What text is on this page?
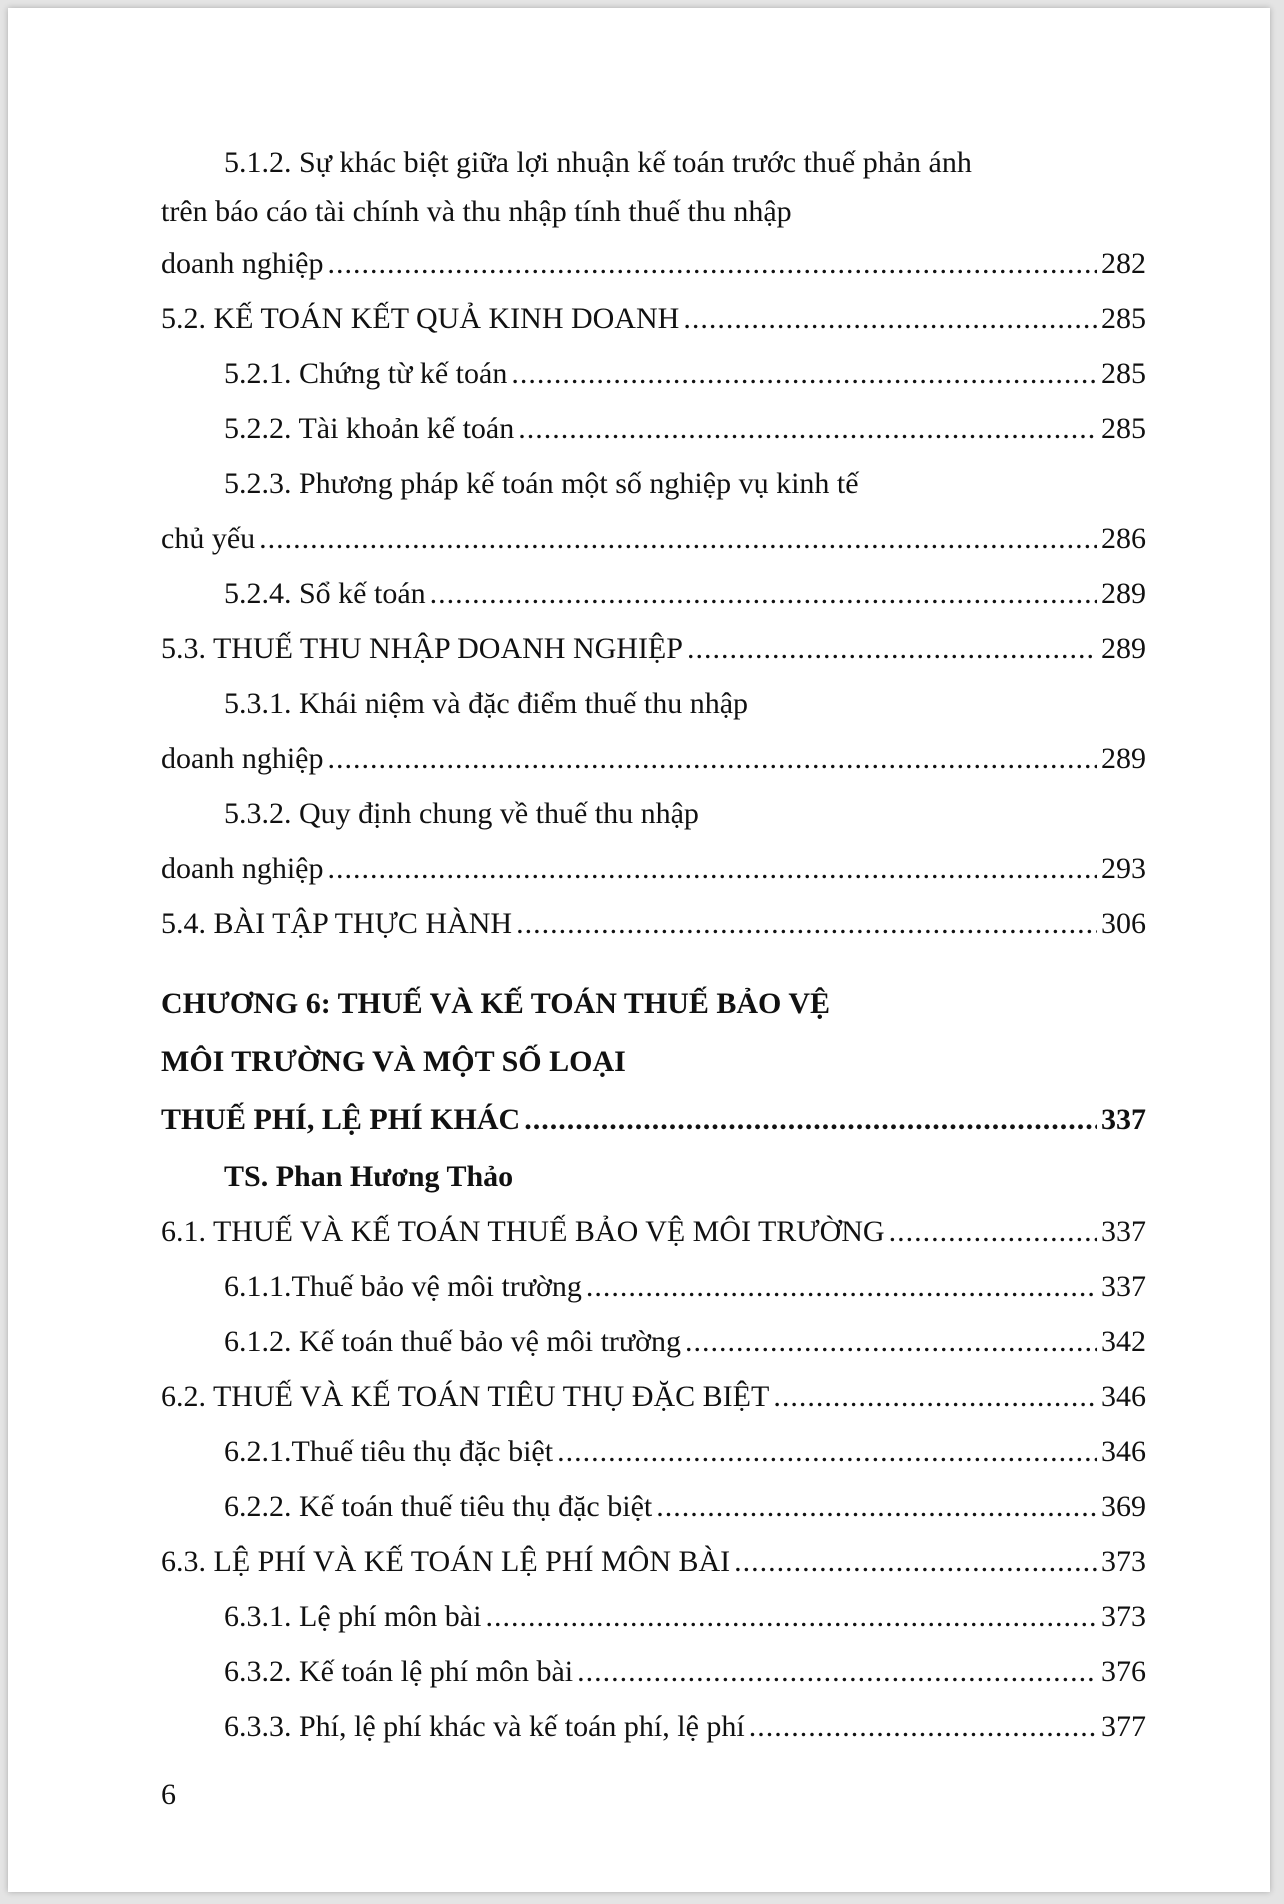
5.1.2. Sự khác biệt giữa lợi nhuận kế toán trước thuế phản ánh
trên báo cáo tài chính và thu nhập tính thuế thu nhập
doanh nghiệp .....	282
5.2. KẾ TOÁN KẾT QUẢ KINH DOANH .....	285
5.2.1. Chứng từ kế toán .....	285
5.2.2. Tài khoản kế toán .....	285
5.2.3. Phương pháp kế toán một số nghiệp vụ kinh tế
chủ yếu .....	286
5.2.4. Sổ kế toán .....	289
5.3. THUẾ THU NHẬP DOANH NGHIỆP .....	289
5.3.1. Khái niệm và đặc điểm thuế thu nhập
doanh nghiệp .....	289
5.3.2. Quy định chung về thuế thu nhập
doanh nghiệp .....	293
5.4. BÀI TẬP THỰC HÀNH .....	306
CHƯƠNG 6: THUẾ VÀ KẾ TOÁN THUẾ BẢO VỆ
MÔI TRƯỜNG VÀ MỘT SỐ LOẠI
THUẾ PHÍ, LỆ PHÍ KHÁC .....	337
TS. Phan Hương Thảo
6.1. THUẾ VÀ KẾ TOÁN THUẾ BẢO VỆ MÔI TRƯỜNG .....	337
6.1.1.Thuế bảo vệ môi trường .....	337
6.1.2. Kế toán thuế bảo vệ môi trường .....	342
6.2. THUẾ VÀ KẾ TOÁN TIÊU THỤ ĐẶC BIỆT .....	346
6.2.1.Thuế tiêu thụ đặc biệt .....	346
6.2.2. Kế toán thuế tiêu thụ đặc biệt .....	369
6.3. LỆ PHÍ VÀ KẾ TOÁN LỆ PHÍ MÔN BÀI .....	373
6.3.1. Lệ phí môn bài .....	373
6.3.2. Kế toán lệ phí môn bài .....	376
6.3.3. Phí, lệ phí khác và kế toán phí, lệ phí .....	377
6
